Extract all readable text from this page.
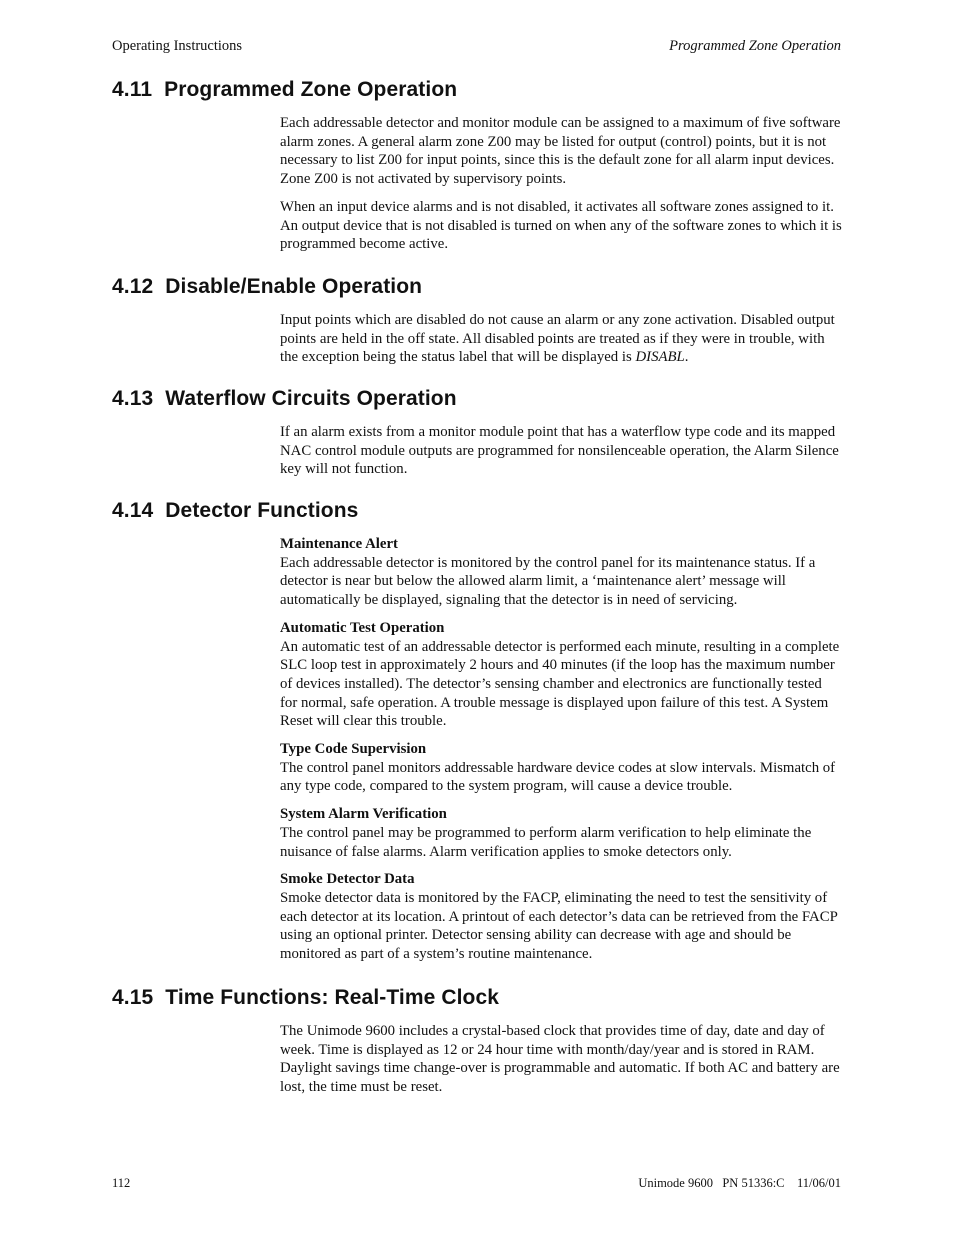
Operating Instructions	Programmed Zone Operation
4.11 Programmed Zone Operation

Each addressable detector and monitor module can be assigned to a maximum of five software alarm zones. A general alarm zone Z00 may be listed for output (control) points, but it is not necessary to list Z00 for input points, since this is the default zone for all alarm input devices. Zone Z00 is not activated by supervisory points.

When an input device alarms and is not disabled, it activates all software zones assigned to it. An output device that is not disabled is turned on when any of the software zones to which it is programmed become active.

4.12 Disable/Enable Operation

Input points which are disabled do not cause an alarm or any zone activation. Disabled output points are held in the off state. All disabled points are treated as if they were in trouble, with the exception being the status label that will be displayed is DISABL.

4.13 Waterflow Circuits Operation

If an alarm exists from a monitor module point that has a waterflow type code and its mapped NAC control module outputs are programmed for nonsilenceable operation, the Alarm Silence key will not function.

4.14 Detector Functions
Maintenance Alert
Each addressable detector is monitored by the control panel for its maintenance status. If a detector is near but below the allowed alarm limit, a ‘maintenance alert’ message will automatically be displayed, signaling that the detector is in need of servicing.
Automatic Test Operation
An automatic test of an addressable detector is performed each minute, resulting in a complete SLC loop test in approximately 2 hours and 40 minutes (if the loop has the maximum number of devices installed). The detector’s sensing chamber and electronics are functionally tested for normal, safe operation. A trouble message is displayed upon failure of this test. A System Reset will clear this trouble.
Type Code Supervision
The control panel monitors addressable hardware device codes at slow intervals. Mismatch of any type code, compared to the system program, will cause a device trouble.
System Alarm Verification
The control panel may be programmed to perform alarm verification to help eliminate the nuisance of false alarms. Alarm verification applies to smoke detectors only.
Smoke Detector Data
Smoke detector data is monitored by the FACP, eliminating the need to test the sensitivity of each detector at its location. A printout of each detector’s data can be retrieved from the FACP using an optional printer. Detector sensing ability can decrease with age and should be monitored as part of a system’s routine maintenance.
4.15 Time Functions: Real-Time Clock

The Unimode 9600 includes a crystal-based clock that provides time of day, date and day of week. Time is displayed as 12 or 24 hour time with month/day/year and is stored in RAM. Daylight savings time change-over is programmable and automatic. If both AC and battery are lost, the time must be reset.

112	Unimode 9600   PN 51336:C    11/06/01
